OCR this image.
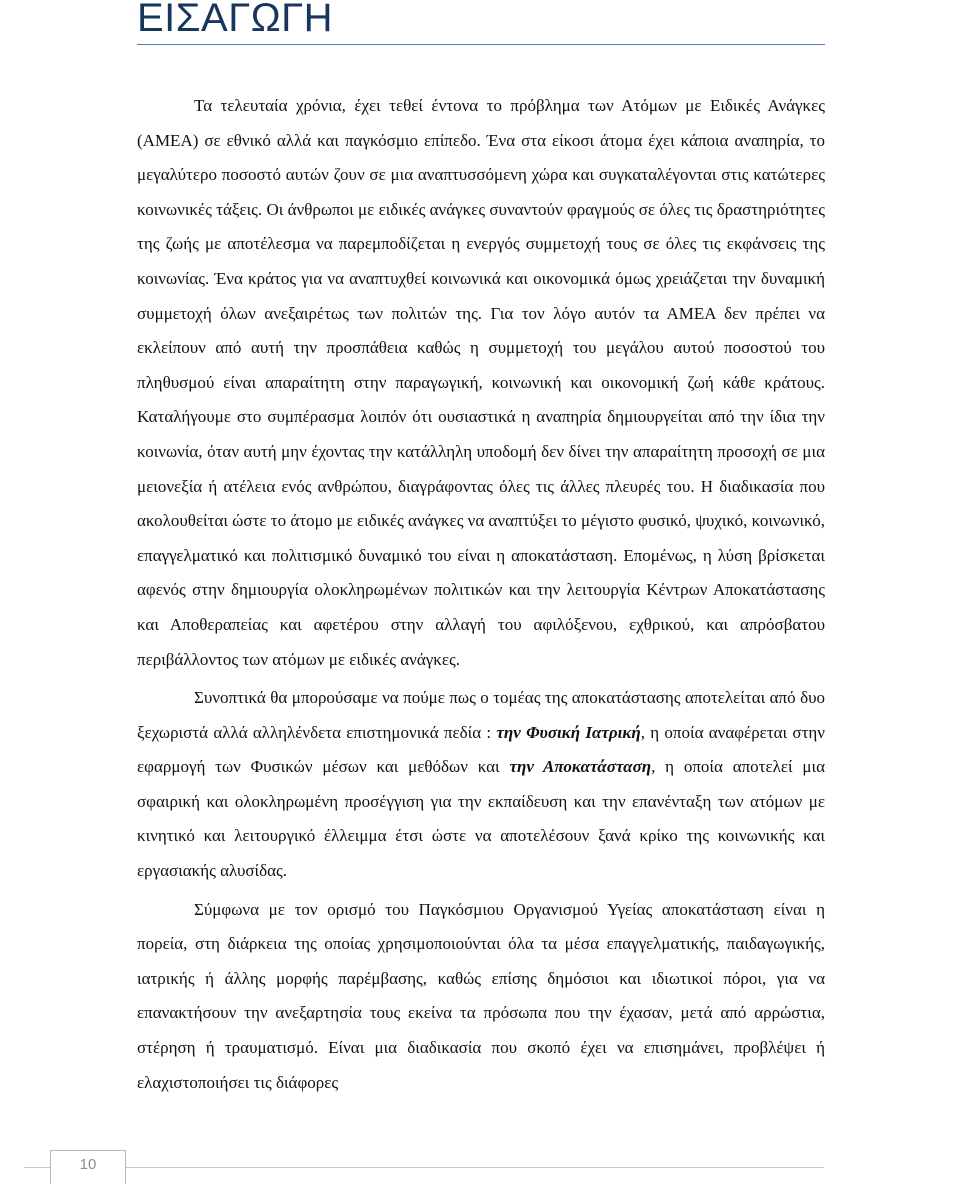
ΕΙΣΑΓΩΓΗ

Τα τελευταία χρόνια, έχει τεθεί έντονα το πρόβλημα των Ατόμων με Ειδικές Ανάγκες (ΑΜΕΑ) σε εθνικό αλλά και παγκόσμιο επίπεδο. Ένα στα είκοσι άτομα έχει κάποια αναπηρία, το μεγαλύτερο ποσοστό αυτών ζουν σε μια αναπτυσσόμενη χώρα και συγκαταλέγονται στις κατώτερες κοινωνικές τάξεις. Οι άνθρωποι με ειδικές ανάγκες συναντούν φραγμούς σε όλες τις δραστηριότητες της ζωής με αποτέλεσμα να παρεμποδίζεται η ενεργός συμμετοχή τους σε όλες τις εκφάνσεις της κοινωνίας. Ένα κράτος για να αναπτυχθεί κοινωνικά και οικονομικά όμως χρειάζεται την δυναμική συμμετοχή όλων ανεξαιρέτως των πολιτών της. Για τον λόγο αυτόν τα ΑΜΕΑ δεν πρέπει να εκλείπουν από αυτή την προσπάθεια καθώς η συμμετοχή του μεγάλου αυτού ποσοστού του πληθυσμού είναι απαραίτητη στην παραγωγική, κοινωνική και οικονομική ζωή κάθε κράτους. Καταλήγουμε στο συμπέρασμα λοιπόν ότι ουσιαστικά η αναπηρία δημιουργείται από την ίδια την κοινωνία, όταν αυτή μην έχοντας την κατάλληλη υποδομή δεν δίνει την απαραίτητη προσοχή σε μια μειονεξία ή ατέλεια ενός ανθρώπου, διαγράφοντας όλες τις άλλες πλευρές του. Η διαδικασία που ακολουθείται ώστε το άτομο με ειδικές ανάγκες να αναπτύξει το μέγιστο φυσικό, ψυχικό, κοινωνικό, επαγγελματικό και πολιτισμικό δυναμικό του είναι η αποκατάσταση. Επομένως, η λύση βρίσκεται αφενός στην δημιουργία ολοκληρωμένων πολιτικών και την λειτουργία Κέντρων Αποκατάστασης και Αποθεραπείας και αφετέρου στην αλλαγή του αφιλόξενου, εχθρικού, και απρόσβατου περιβάλλοντος των ατόμων με ειδικές ανάγκες.

Συνοπτικά θα μπορούσαμε να πούμε πως ο τομέας της αποκατάστασης αποτελείται από δυο ξεχωριστά αλλά αλληλένδετα επιστημονικά πεδία : την Φυσική Ιατρική, η οποία αναφέρεται στην εφαρμογή των Φυσικών μέσων και μεθόδων και την Αποκατάσταση, η οποία αποτελεί μια σφαιρική και ολοκληρωμένη προσέγγιση για την εκπαίδευση και την επανένταξη των ατόμων με κινητικό και λειτουργικό έλλειμμα έτσι ώστε να αποτελέσουν ξανά κρίκο της κοινωνικής και εργασιακής αλυσίδας.

Σύμφωνα με τον ορισμό του Παγκόσμιου Οργανισμού Υγείας αποκατάσταση είναι η πορεία, στη διάρκεια της οποίας χρησιμοποιούνται όλα τα μέσα επαγγελματικής, παιδαγωγικής, ιατρικής ή άλλης μορφής παρέμβασης, καθώς επίσης δημόσιοι και ιδιωτικοί πόροι, για να επανακτήσουν την ανεξαρτησία τους εκείνα τα πρόσωπα που την έχασαν, μετά από αρρώστια, στέρηση ή τραυματισμό. Είναι μια διαδικασία που σκοπό έχει να επισημάνει, προβλέψει ή ελαχιστοποιήσει τις διάφορες

10
